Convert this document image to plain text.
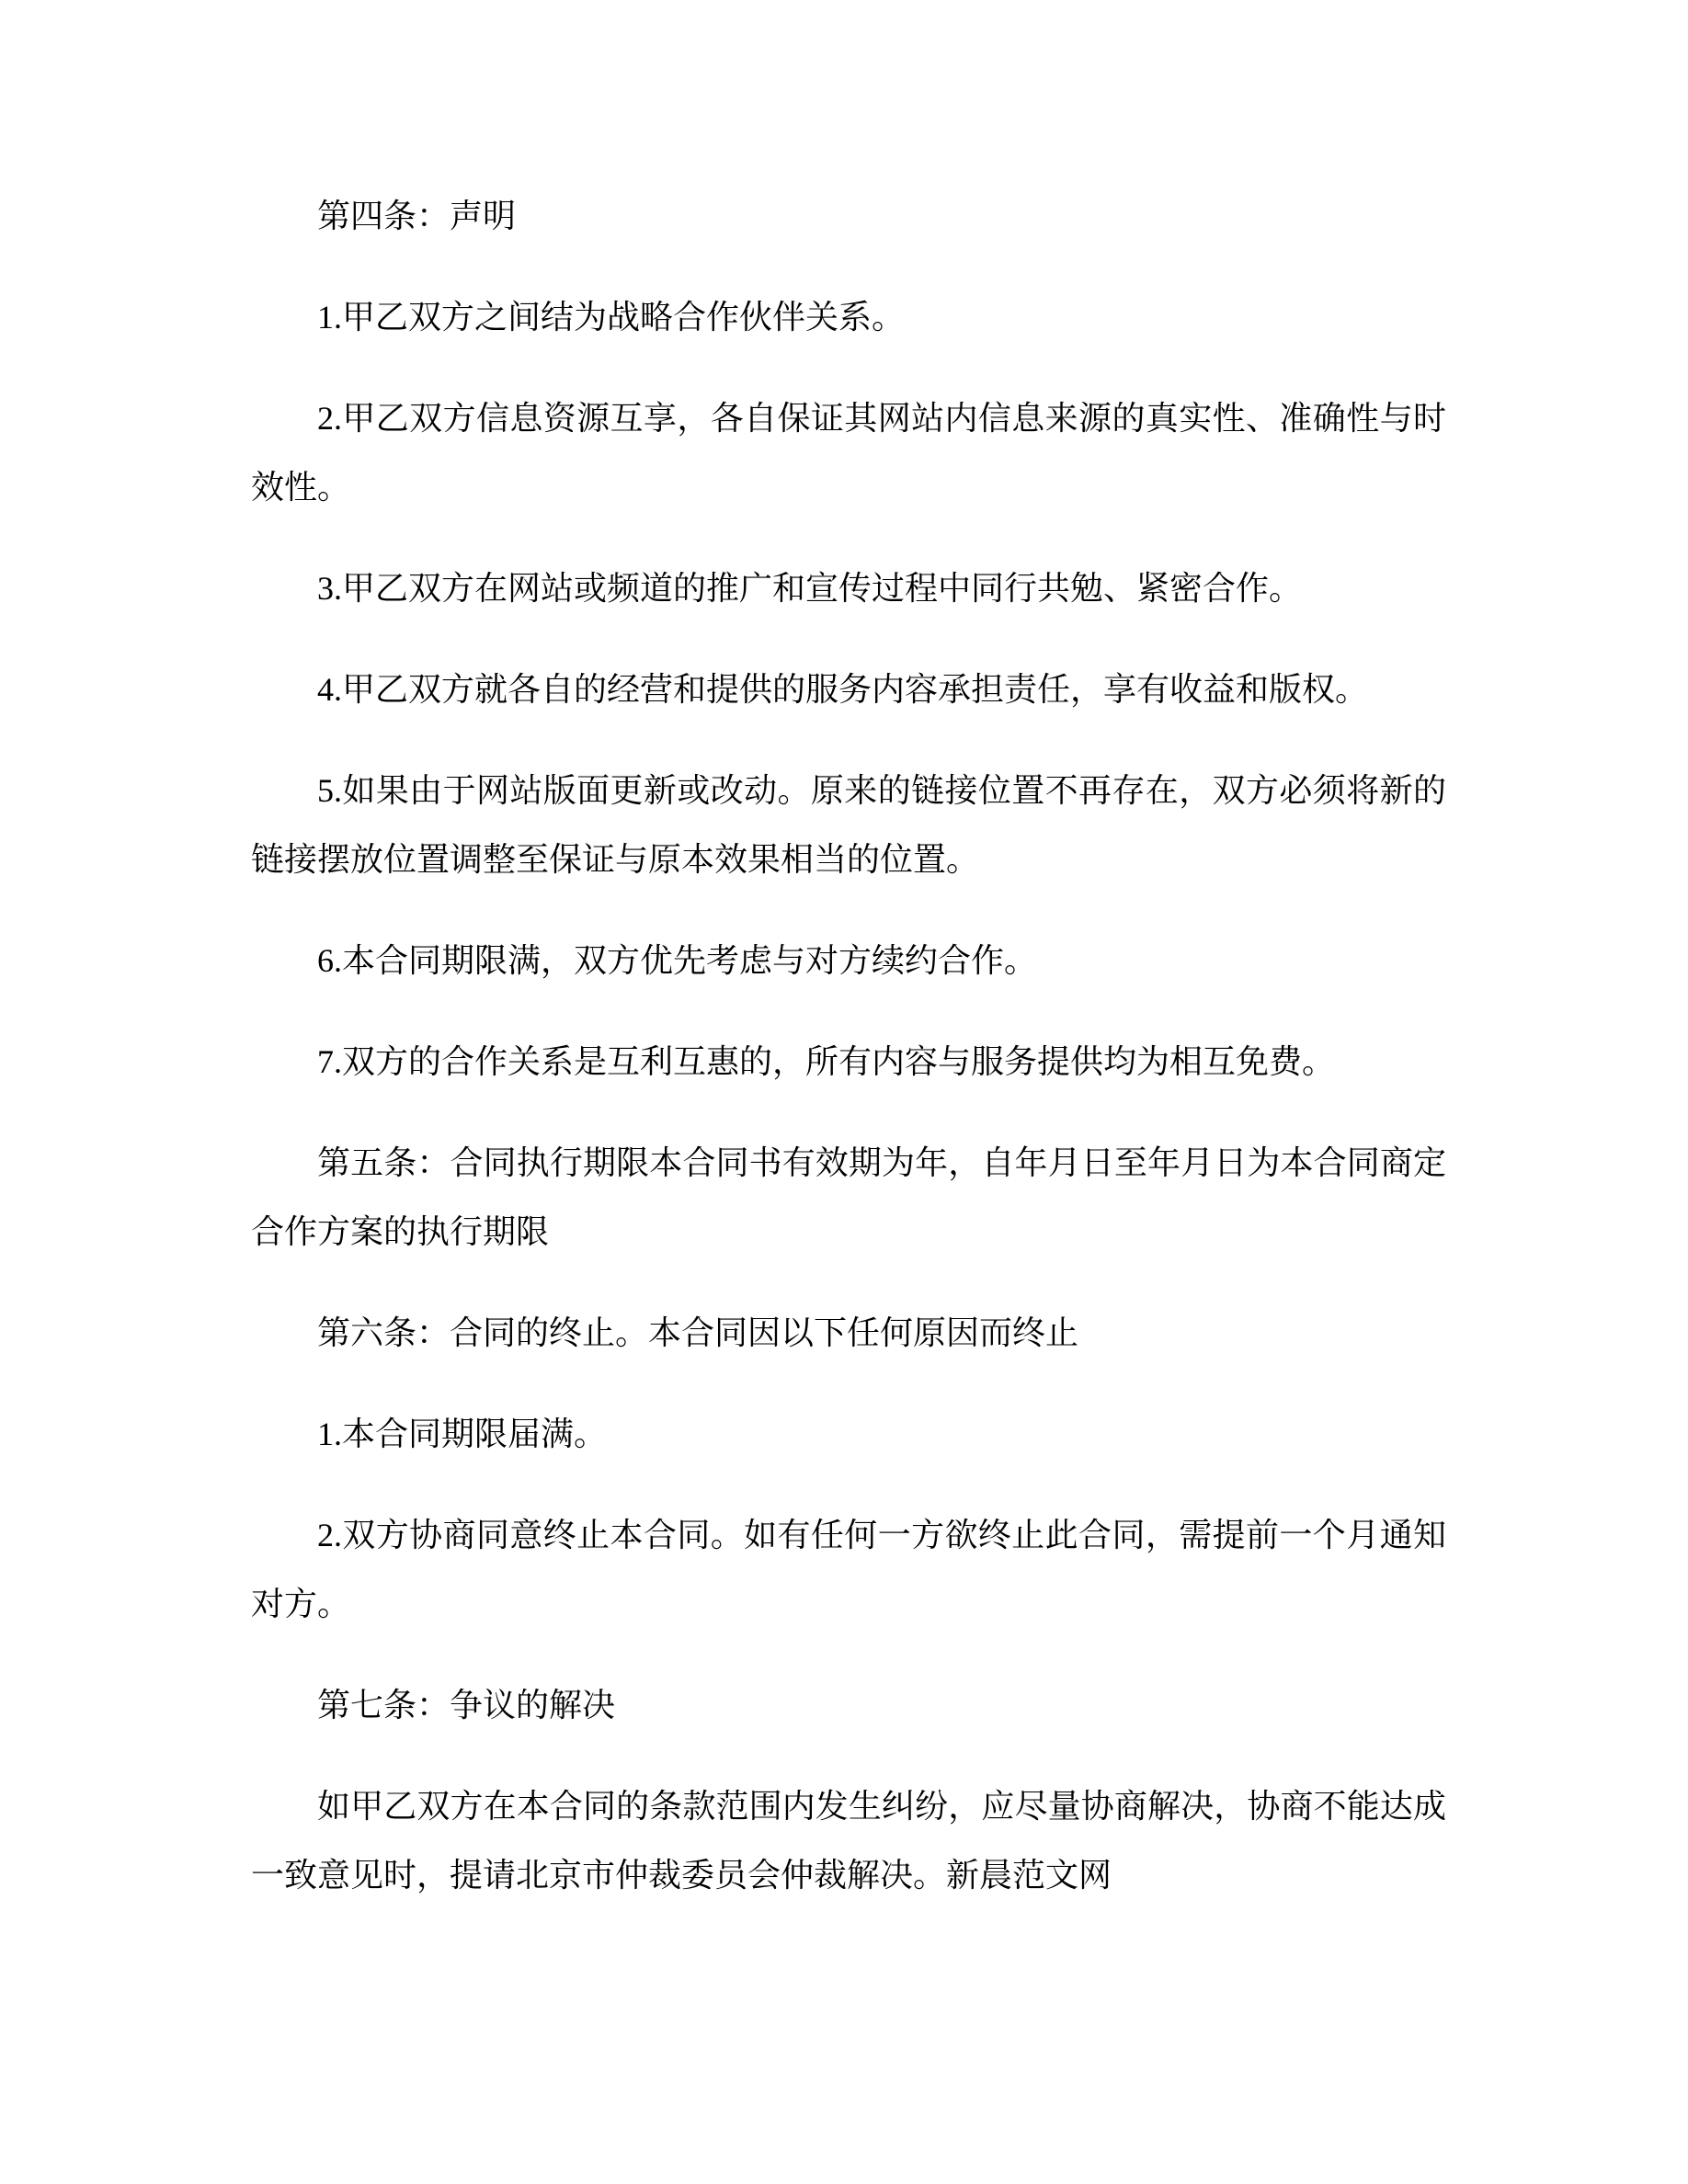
第四条：声明

1.甲乙双方之间结为战略合作伙伴关系。

2.甲乙双方信息资源互享，各自保证其网站内信息来源的真实性、准确性与时效性。

3.甲乙双方在网站或频道的推广和宣传过程中同行共勉、紧密合作。

4.甲乙双方就各自的经营和提供的服务内容承担责任，享有收益和版权。

5.如果由于网站版面更新或改动。原来的链接位置不再存在，双方必须将新的链接摆放位置调整至保证与原本效果相当的位置。

6.本合同期限满，双方优先考虑与对方续约合作。

7.双方的合作关系是互利互惠的，所有内容与服务提供均为相互免费。

第五条：合同执行期限本合同书有效期为年，自年月日至年月日为本合同商定合作方案的执行期限

第六条：合同的终止。本合同因以下任何原因而终止

1.本合同期限届满。

2.双方协商同意终止本合同。如有任何一方欲终止此合同，需提前一个月通知对方。

第七条：争议的解决

如甲乙双方在本合同的条款范围内发生纠纷，应尽量协商解决，协商不能达成一致意见时，提请北京市仲裁委员会仲裁解决。新晨范文网
